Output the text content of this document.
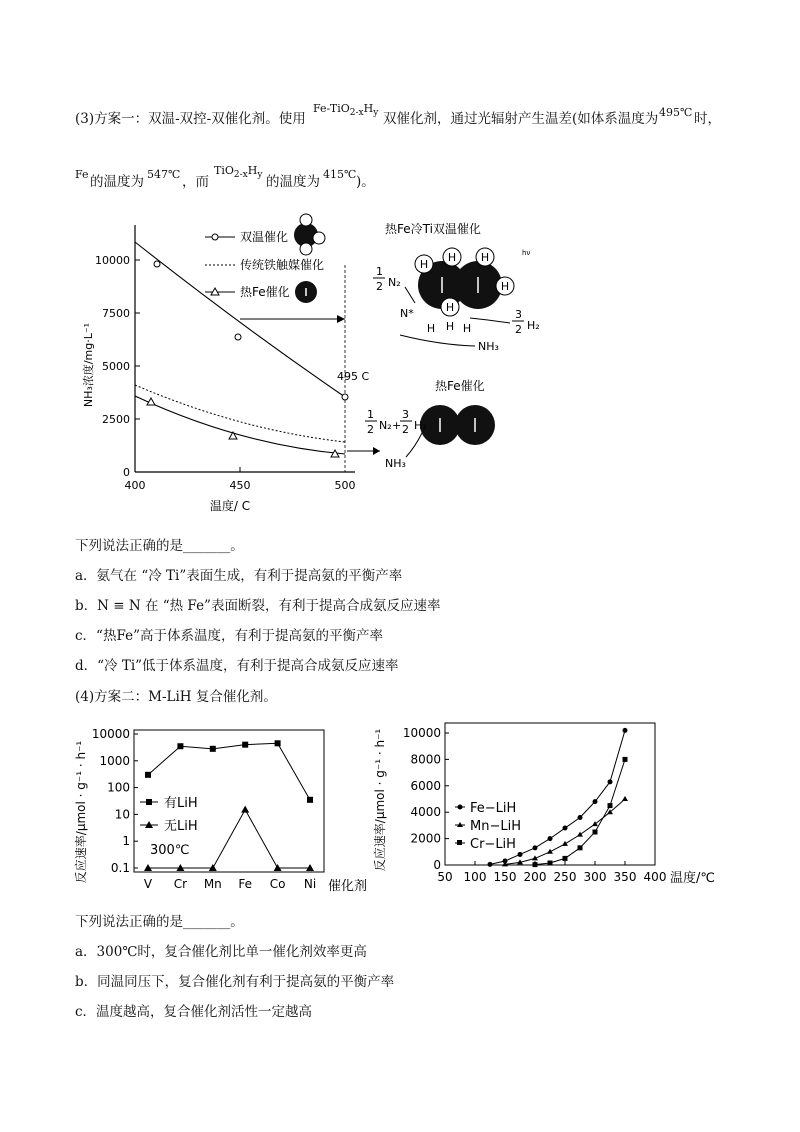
(3)方案一：双温-双控-双催化剂。使用
$Fe-TiO_{2-x}H_y$ 双催化剂，通过光辐射产生温差(如体系温度为 495℃ 时，
Fe 的温度为 547℃ ，而
$TiO_{2-x}H_y$ 的温度为 415℃ )。
0
2500
5000
7500
10000
400	450	500
温度/ C
NH₃浓度/mg·L⁻¹	495 C
双温催化
传统铁触媒催化
热Fe催化
热Fe冷Ti双温催化
H
H H
H
H
H H H
hν
1
2 N₂
N*	3
2 H₂
NH₃
热Fe催化
1
2 N₂ +
3
2 H₂
NH₃
下列说法正确的是_______。
a．氨气在 “冷 Ti”表面生成，有利于提高氨的平衡产率
b．N ≡ N 在 “热 Fe”表面断裂，有利于提高合成氨反应速率
c．“热Fe”高于体系温度，有利于提高氨的平衡产率
d．“冷 Ti”低于体系温度，有利于提高合成氨反应速率
(4)方案二：M-LiH 复合催化剂。
反应速率/μmol · g⁻¹ · h⁻¹
催化剂
0.1
1
10
100
1000
10000
V Cr Mn Fe Co Ni
有LiH
无LiH
300℃	反应速率/μmol · g⁻¹ · h⁻¹
温度/℃
0
2000
4000
6000
8000
10000
50 100 150 200 250 300 350 400
Fe−LiH
Mn−LiH
Cr−LiH
下列说法正确的是_______。
a．300℃时，复合催化剂比单一催化剂效率更高
b．同温同压下，复合催化剂有利于提高氨的平衡产率
c．温度越高，复合催化剂活性一定越高
